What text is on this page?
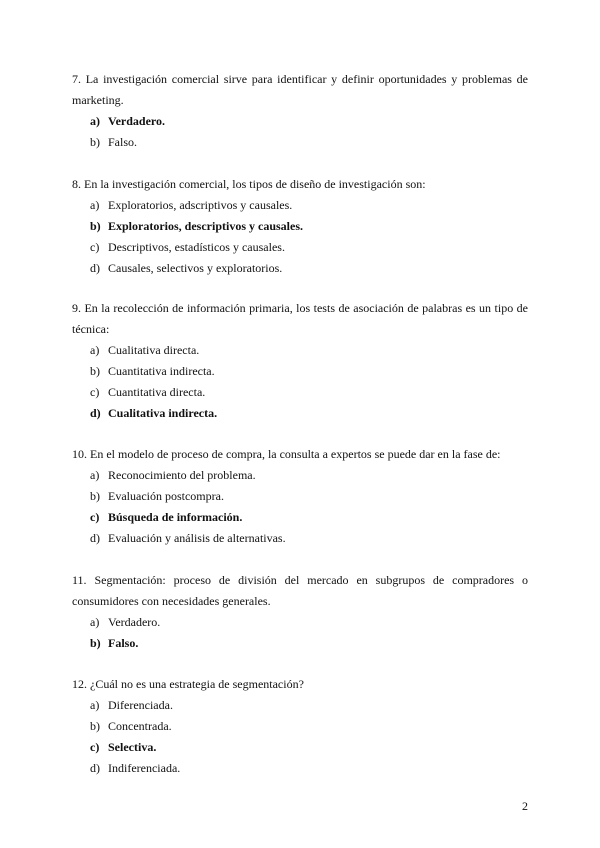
7. La investigación comercial sirve para identificar y definir oportunidades y problemas de marketing.

a) Verdadero.
b) Falso.

8. En la investigación comercial, los tipos de diseño de investigación son:

a) Exploratorios, adscriptivos y causales.
b) Exploratorios, descriptivos y causales.
c) Descriptivos, estadísticos y causales.
d) Causales, selectivos y exploratorios.

9. En la recolección de información primaria, los tests de asociación de palabras es un tipo de técnica:

a) Cualitativa directa.
b) Cuantitativa indirecta.
c) Cuantitativa directa.
d) Cualitativa indirecta.

10. En el modelo de proceso de compra, la consulta a expertos se puede dar en la fase de:

a) Reconocimiento del problema.
b) Evaluación postcompra.
c) Búsqueda de información.
d) Evaluación y análisis de alternativas.

11. Segmentación: proceso de división del mercado en subgrupos de compradores o consumidores con necesidades generales.

a) Verdadero.
b) Falso.

12. ¿Cuál no es una estrategia de segmentación?

a) Diferenciada.
b) Concentrada.
c) Selectiva.
d) Indiferenciada.
2
